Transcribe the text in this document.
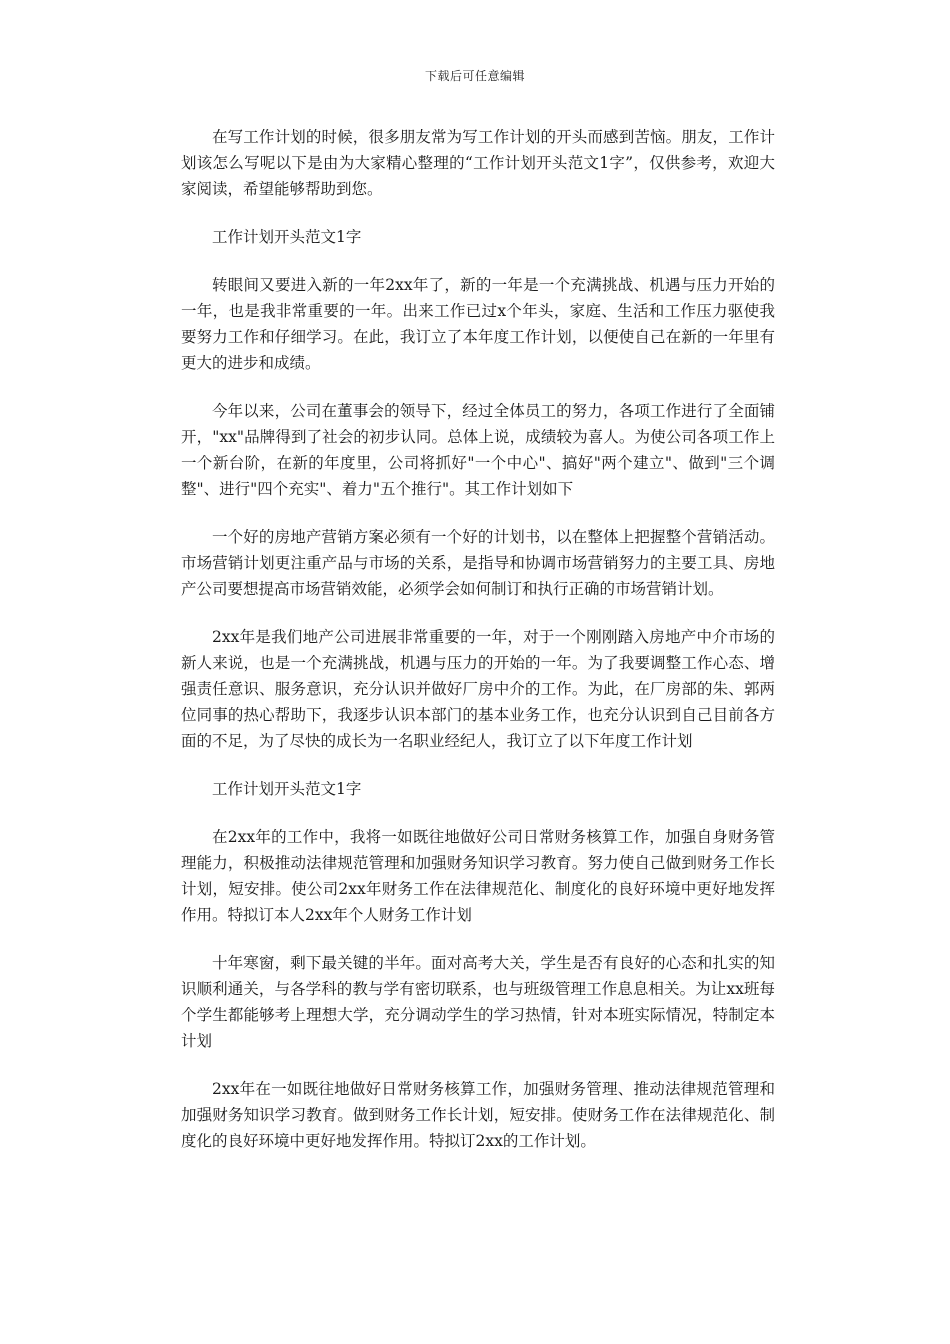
下载后可任意编辑

在写工作计划的时候，很多朋友常为写工作计划的开头而感到苦恼。朋友，工作计划该怎么写呢以下是由为大家精心整理的“工作计划开头范文1字”，仅供参考，欢迎大家阅读，希望能够帮助到您。

工作计划开头范文1字

转眼间又要进入新的一年2xx年了，新的一年是一个充满挑战、机遇与压力开始的一年，也是我非常重要的一年。出来工作已过x个年头，家庭、生活和工作压力驱使我要努力工作和仔细学习。在此，我订立了本年度工作计划，以便使自己在新的一年里有更大的进步和成绩。

今年以来，公司在董事会的领导下，经过全体员工的努力，各项工作进行了全面铺开，"xx"品牌得到了社会的初步认同。总体上说，成绩较为喜人。为使公司各项工作上一个新台阶，在新的年度里，公司将抓好"一个中心"、搞好"两个建立"、做到"三个调整"、进行"四个充实"、着力"五个推行"。其工作计划如下

一个好的房地产营销方案必须有一个好的计划书，以在整体上把握整个营销活动。市场营销计划更注重产品与市场的关系，是指导和协调市场营销努力的主要工具、房地产公司要想提高市场营销效能，必须学会如何制订和执行正确的市场营销计划。

2xx年是我们地产公司进展非常重要的一年，对于一个刚刚踏入房地产中介市场的新人来说，也是一个充满挑战，机遇与压力的开始的一年。为了我要调整工作心态、增强责任意识、服务意识，充分认识并做好厂房中介的工作。为此，在厂房部的朱、郭两位同事的热心帮助下，我逐步认识本部门的基本业务工作，也充分认识到自己目前各方面的不足，为了尽快的成长为一名职业经纪人，我订立了以下年度工作计划

工作计划开头范文1字

在2xx年的工作中，我将一如既往地做好公司日常财务核算工作，加强自身财务管理能力，积极推动法律规范管理和加强财务知识学习教育。努力使自己做到财务工作长计划，短安排。使公司2xx年财务工作在法律规范化、制度化的良好环境中更好地发挥作用。特拟订本人2xx年个人财务工作计划

十年寒窗，剩下最关键的半年。面对高考大关，学生是否有良好的心态和扎实的知识顺利通关，与各学科的教与学有密切联系，也与班级管理工作息息相关。为让xx班每个学生都能够考上理想大学，充分调动学生的学习热情，针对本班实际情况，特制定本计划

2xx年在一如既往地做好日常财务核算工作，加强财务管理、推动法律规范管理和加强财务知识学习教育。做到财务工作长计划，短安排。使财务工作在法律规范化、制度化的良好环境中更好地发挥作用。特拟订2xx的工作计划。
